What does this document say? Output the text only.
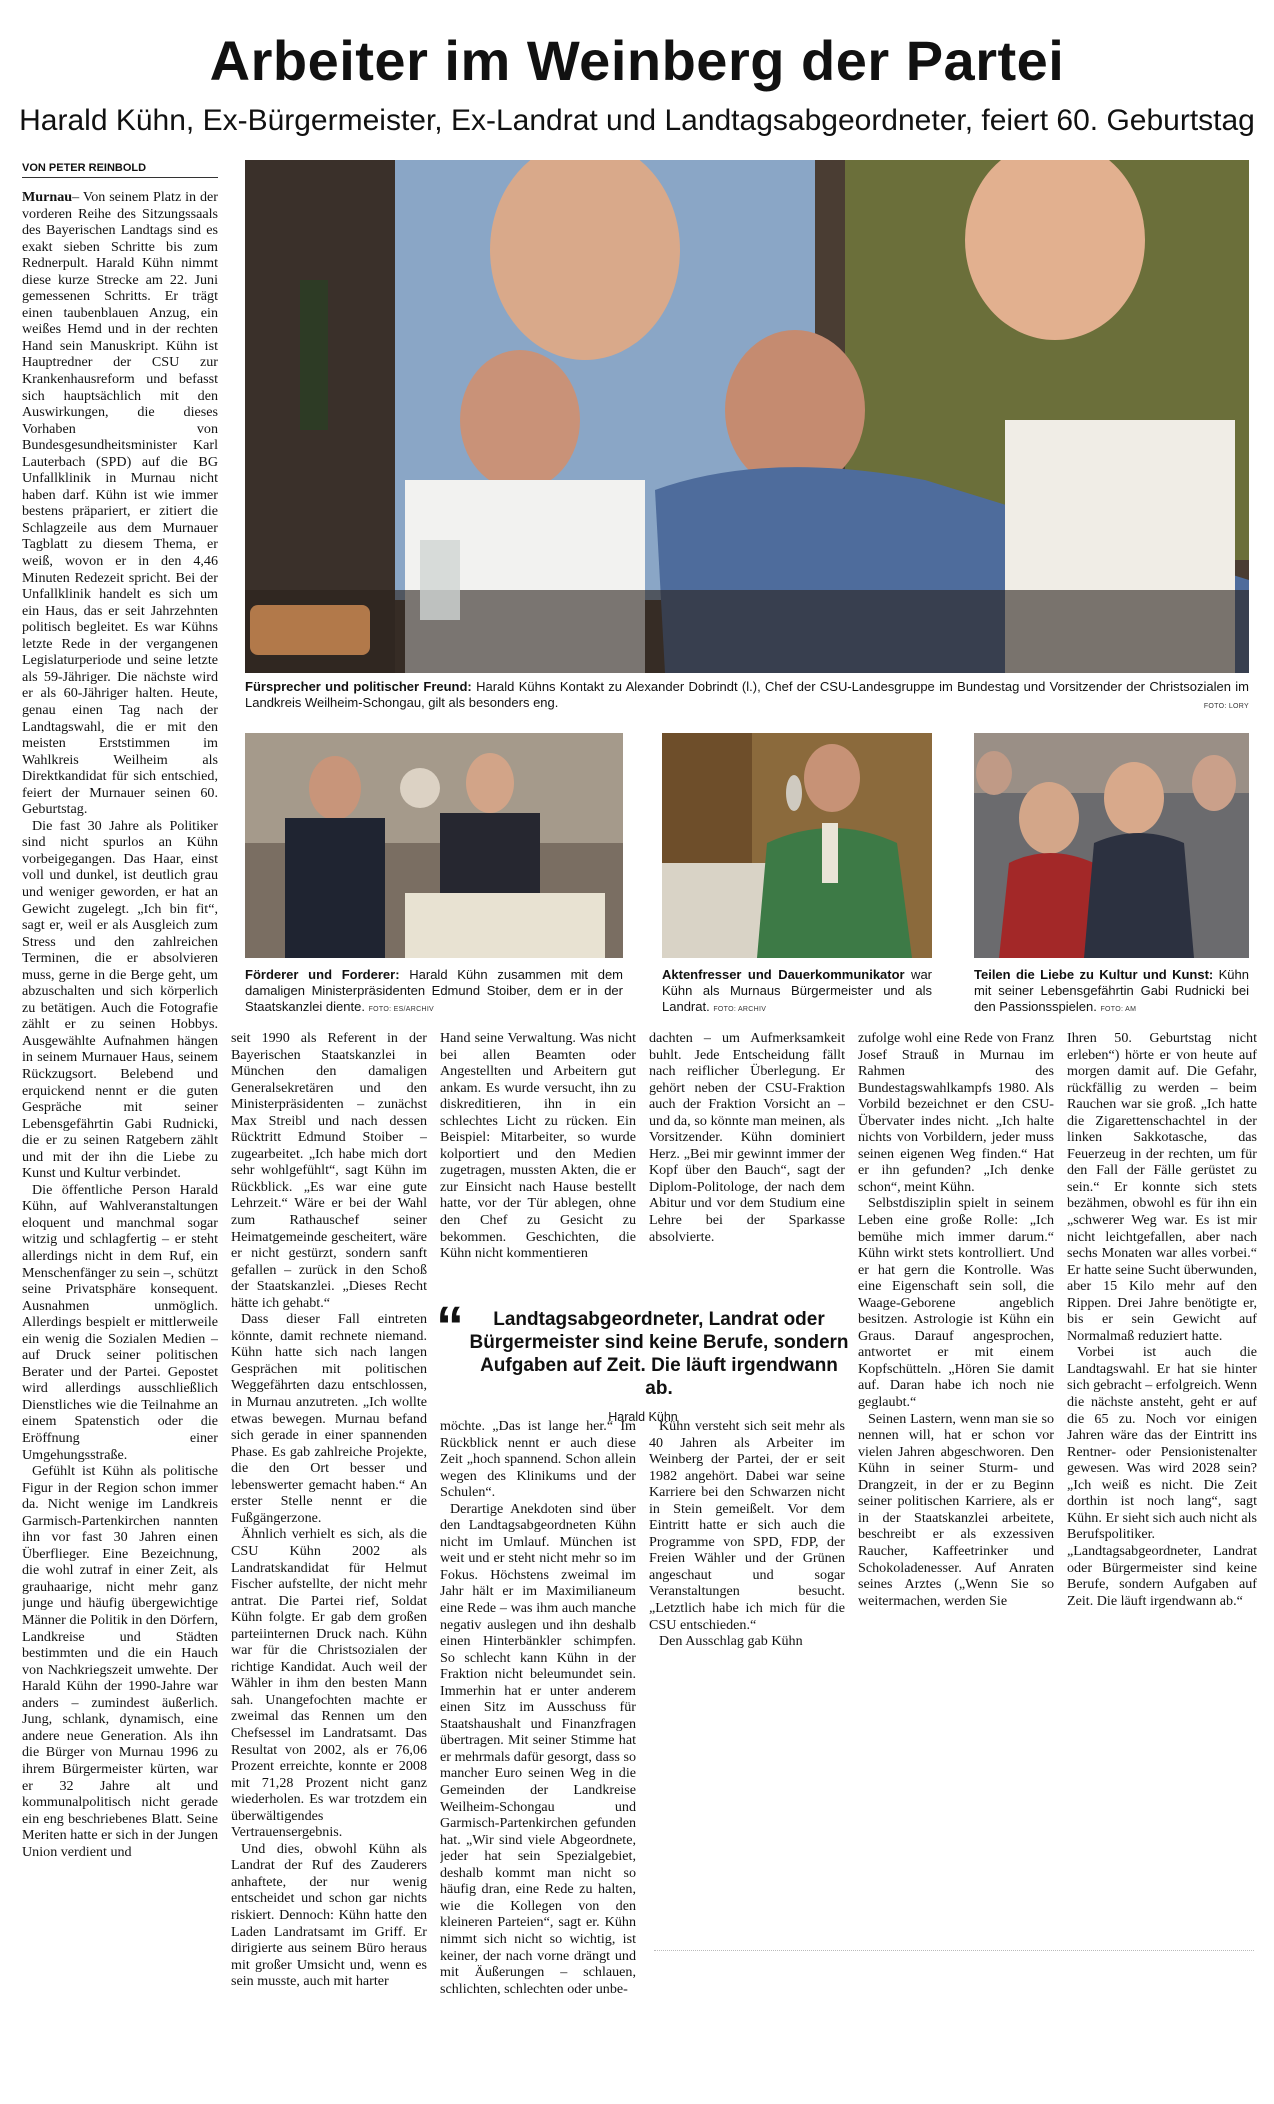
Arbeiter im Weinberg der Partei
Harald Kühn, Ex-Bürgermeister, Ex-Landrat und Landtagsabgeordneter, feiert 60. Geburtstag
VON PETER REINBOLD

Murnau– Von seinem Platz in der vorderen Reihe des Sitzungssaals des Bayerischen Landtags sind es exakt sieben Schritte bis zum Rednerpult. Harald Kühn nimmt diese kurze Strecke am 22. Juni gemessenen Schritts. Er trägt einen taubenblauen Anzug, ein weißes Hemd und in der rechten Hand sein Manuskript. Kühn ist Hauptredner der CSU zur Krankenhausreform und befasst sich hauptsächlich mit den Auswirkungen, die dieses Vorhaben von Bundesgesundheitsminister Karl Lauterbach (SPD) auf die BG Unfallklinik in Murnau nicht haben darf. Kühn ist wie immer bestens präpariert, er zitiert die Schlagzeile aus dem Murnauer Tagblatt zu diesem Thema, er weiß, wovon er in den 4,46 Minuten Redezeit spricht. Bei der Unfallklinik handelt es sich um ein Haus, das er seit Jahrzehnten politisch begleitet. Es war Kühns letzte Rede in der vergangenen Legislaturperiode und seine letzte als 59-Jähriger. Die nächste wird er als 60-Jähriger halten. Heute, genau einen Tag nach der Landtagswahl, die er mit den meisten Erststimmen im Wahlkreis Weilheim als Direktkandidat für sich entschied, feiert der Murnauer seinen 60. Geburtstag.

Die fast 30 Jahre als Politiker sind nicht spurlos an Kühn vorbeigegangen. Das Haar, einst voll und dunkel, ist deutlich grau und weniger geworden, er hat an Gewicht zugelegt. „Ich bin fit“, sagt er, weil er als Ausgleich zum Stress und den zahlreichen Terminen, die er absolvieren muss, gerne in die Berge geht, um abzuschalten und sich körperlich zu betätigen. Auch die Fotografie zählt er zu seinen Hobbys. Ausgewählte Aufnahmen hängen in seinem Murnauer Haus, seinem Rückzugsort. Belebend und erquickend nennt er die guten Gespräche mit seiner Lebensgefährtin Gabi Rudnicki, die er zu seinen Ratgebern zählt und mit der ihn die Liebe zu Kunst und Kultur verbindet.

Die öffentliche Person Harald Kühn, auf Wahlveranstaltungen eloquent und manchmal sogar witzig und schlagfertig – er steht allerdings nicht in dem Ruf, ein Menschenfänger zu sein –, schützt seine Privatsphäre konsequent. Ausnahmen unmöglich. Allerdings bespielt er mittlerweile ein wenig die Sozialen Medien – auf Druck seiner politischen Berater und der Partei. Gepostet wird allerdings ausschließlich Dienstliches wie die Teilnahme an einem Spatenstich oder die Eröffnung einer Umgehungsstraße.

Gefühlt ist Kühn als politische Figur in der Region schon immer da. Nicht wenige im Landkreis Garmisch-Partenkirchen nannten ihn vor fast 30 Jahren einen Überflieger. Eine Bezeichnung, die wohl zutraf in einer Zeit, als grauhaarige, nicht mehr ganz junge und häufig übergewichtige Männer die Politik in den Dörfern, Landkreise und Städten bestimmten und die ein Hauch von Nachkriegszeit umwehte. Der Harald Kühn der 1990-Jahre war anders – zumindest äußerlich. Jung, schlank, dynamisch, eine andere neue Generation. Als ihn die Bürger von Murnau 1996 zu ihrem Bürgermeister kürten, war er 32 Jahre alt und kommunalpolitisch nicht gerade ein eng beschriebenes Blatt. Seine Meriten hatte er sich in der Jungen Union verdient und

Fürsprecher und politischer Freund: Harald Kühns Kontakt zu Alexander Dobrindt (l.), Chef der CSU-Landesgruppe im Bundestag und Vorsitzender der Christsozialen im Landkreis Weilheim-Schongau, gilt als besonders eng.	FOTO: LORY
Förderer und Forderer: Harald Kühn zusammen mit dem damaligen Ministerpräsidenten Edmund Stoiber, dem er in der Staatskanzlei diente. FOTO: ES/ARCHIV
Aktenfresser und Dauerkommunikator war Kühn als Murnaus Bürgermeister und als Landrat. FOTO: ARCHIV
Teilen die Liebe zu Kultur und Kunst: Kühn mit seiner Lebensgefährtin Gabi Rudnicki bei den Passionsspielen. FOTO: AM

seit 1990 als Referent in der Bayerischen Staatskanzlei in München den damaligen Generalsekretären und den Ministerpräsidenten – zunächst Max Streibl und nach dessen Rücktritt Edmund Stoiber – zugearbeitet. „Ich habe mich dort sehr wohlgefühlt“, sagt Kühn im Rückblick. „Es war eine gute Lehrzeit.“ Wäre er bei der Wahl zum Rathauschef seiner Heimatgemeinde gescheitert, wäre er nicht gestürzt, sondern sanft gefallen – zurück in den Schoß der Staatskanzlei. „Dieses Recht hätte ich gehabt.“

Dass dieser Fall eintreten könnte, damit rechnete niemand. Kühn hatte sich nach langen Gesprächen mit politischen Weggefährten dazu entschlossen, in Murnau anzutreten. „Ich wollte etwas bewegen. Murnau befand sich gerade in einer spannenden Phase. Es gab zahlreiche Projekte, die den Ort besser und lebenswerter gemacht haben.“ An erster Stelle nennt er die Fußgängerzone.

Ähnlich verhielt es sich, als die CSU Kühn 2002 als Landratskandidat für Helmut Fischer aufstellte, der nicht mehr antrat. Die Partei rief, Soldat Kühn folgte. Er gab dem großen parteiinternen Druck nach. Kühn war für die Christsozialen der richtige Kandidat. Auch weil der Wähler in ihm den besten Mann sah. Unangefochten machte er zweimal das Rennen um den Chefsessel im Landratsamt. Das Resultat von 2002, als er 76,06 Prozent erreichte, konnte er 2008 mit 71,28 Prozent nicht ganz wiederholen. Es war trotzdem ein überwältigendes Vertrauensergebnis.

Und dies, obwohl Kühn als Landrat der Ruf des Zauderers anhaftete, der nur wenig entscheidet und schon gar nichts riskiert. Dennoch: Kühn hatte den Laden Landratsamt im Griff. Er dirigierte aus seinem Büro heraus mit großer Umsicht und, wenn es sein musste, auch mit harter

Hand seine Verwaltung. Was nicht bei allen Beamten oder Angestellten und Arbeitern gut ankam. Es wurde versucht, ihn zu diskreditieren, ihn in ein schlechtes Licht zu rücken. Ein Beispiel: Mitarbeiter, so wurde kolportiert und den Medien zugetragen, mussten Akten, die er zur Einsicht nach Hause bestellt hatte, vor der Tür ablegen, ohne den Chef zu Gesicht zu bekommen. Geschichten, die Kühn nicht kommentieren

dachten – um Aufmerksamkeit buhlt. Jede Entscheidung fällt nach reiflicher Überlegung. Er gehört neben der CSU-Fraktion auch der Fraktion Vorsicht an – und da, so könnte man meinen, als Vorsitzender. Kühn dominiert Herz. „Bei mir gewinnt immer der Kopf über den Bauch“, sagt der Diplom-Politologe, der nach dem Abitur und vor dem Studium eine Lehre bei der Sparkasse absolvierte.

“	Landtagsabgeordneter, Landrat oder Bürgermeister sind keine Berufe, sondern Aufgaben auf Zeit. Die läuft irgendwann ab.
Harald Kühn

möchte. „Das ist lange her.“ Im Rückblick nennt er auch diese Zeit „hoch spannend. Schon allein wegen des Klinikums und der Schulen“.

Derartige Anekdoten sind über den Landtagsabgeordneten Kühn nicht im Umlauf. München ist weit und er steht nicht mehr so im Fokus. Höchstens zweimal im Jahr hält er im Maximilianeum eine Rede – was ihm auch manche negativ auslegen und ihn deshalb einen Hinterbänkler schimpfen. So schlecht kann Kühn in der Fraktion nicht beleumundet sein. Immerhin hat er unter anderem einen Sitz im Ausschuss für Staatshaushalt und Finanzfragen übertragen. Mit seiner Stimme hat er mehrmals dafür gesorgt, dass so mancher Euro seinen Weg in die Gemeinden der Landkreise Weilheim-Schongau und Garmisch-Partenkirchen gefunden hat. „Wir sind viele Abgeordnete, jeder hat sein Spezialgebiet, deshalb kommt man nicht so häufig dran, eine Rede zu halten, wie die Kollegen von den kleineren Parteien“, sagt er. Kühn nimmt sich nicht so wichtig, ist keiner, der nach vorne drängt und mit Äußerungen – schlauen, schlichten, schlechten oder unbe-

Kühn versteht sich seit mehr als 40 Jahren als Arbeiter im Weinberg der Partei, der er seit 1982 angehört. Dabei war seine Karriere bei den Schwarzen nicht in Stein gemeißelt. Vor dem Eintritt hatte er sich auch die Programme von SPD, FDP, der Freien Wähler und der Grünen angeschaut und sogar Veranstaltungen besucht. „Letztlich habe ich mich für die CSU entschieden.“

Den Ausschlag gab Kühn

zufolge wohl eine Rede von Franz Josef Strauß in Murnau im Rahmen des Bundestagswahlkampfs 1980. Als Vorbild bezeichnet er den CSU-Übervater indes nicht. „Ich halte nichts von Vorbildern, jeder muss seinen eigenen Weg finden.“ Hat er ihn gefunden? „Ich denke schon“, meint Kühn.

Selbstdisziplin spielt in seinem Leben eine große Rolle: „Ich bemühe mich immer darum.“ Kühn wirkt stets kontrolliert. Und er hat gern die Kontrolle. Was eine Eigenschaft sein soll, die Waage-Geborene angeblich besitzen. Astrologie ist Kühn ein Graus. Darauf angesprochen, antwortet er mit einem Kopfschütteln. „Hören Sie damit auf. Daran habe ich noch nie geglaubt.“

Seinen Lastern, wenn man sie so nennen will, hat er schon vor vielen Jahren abgeschworen. Den Kühn in seiner Sturm- und Drangzeit, in der er zu Beginn seiner politischen Karriere, als er in der Staatskanzlei arbeitete, beschreibt er als exzessiven Raucher, Kaffeetrinker und Schokoladenesser. Auf Anraten seines Arztes („Wenn Sie so weitermachen, werden Sie

Ihren 50. Geburtstag nicht erleben“) hörte er von heute auf morgen damit auf. Die Gefahr, rückfällig zu werden – beim Rauchen war sie groß. „Ich hatte die Zigarettenschachtel in der linken Sakkotasche, das Feuerzeug in der rechten, um für den Fall der Fälle gerüstet zu sein.“ Er konnte sich stets bezähmen, obwohl es für ihn ein „schwerer Weg war. Es ist mir nicht leichtgefallen, aber nach sechs Monaten war alles vorbei.“ Er hatte seine Sucht überwunden, aber 15 Kilo mehr auf den Rippen. Drei Jahre benötigte er, bis er sein Gewicht auf Normalmaß reduziert hatte.

Vorbei ist auch die Landtagswahl. Er hat sie hinter sich gebracht – erfolgreich. Wenn die nächste ansteht, geht er auf die 65 zu. Noch vor einigen Jahren wäre das der Eintritt ins Rentner- oder Pensionistenalter gewesen. Was wird 2028 sein? „Ich weiß es nicht. Die Zeit dorthin ist noch lang“, sagt Kühn. Er sieht sich auch nicht als Berufspolitiker. „Landtagsabgeordneter, Landrat oder Bürgermeister sind keine Berufe, sondern Aufgaben auf Zeit. Die läuft irgendwann ab.“
